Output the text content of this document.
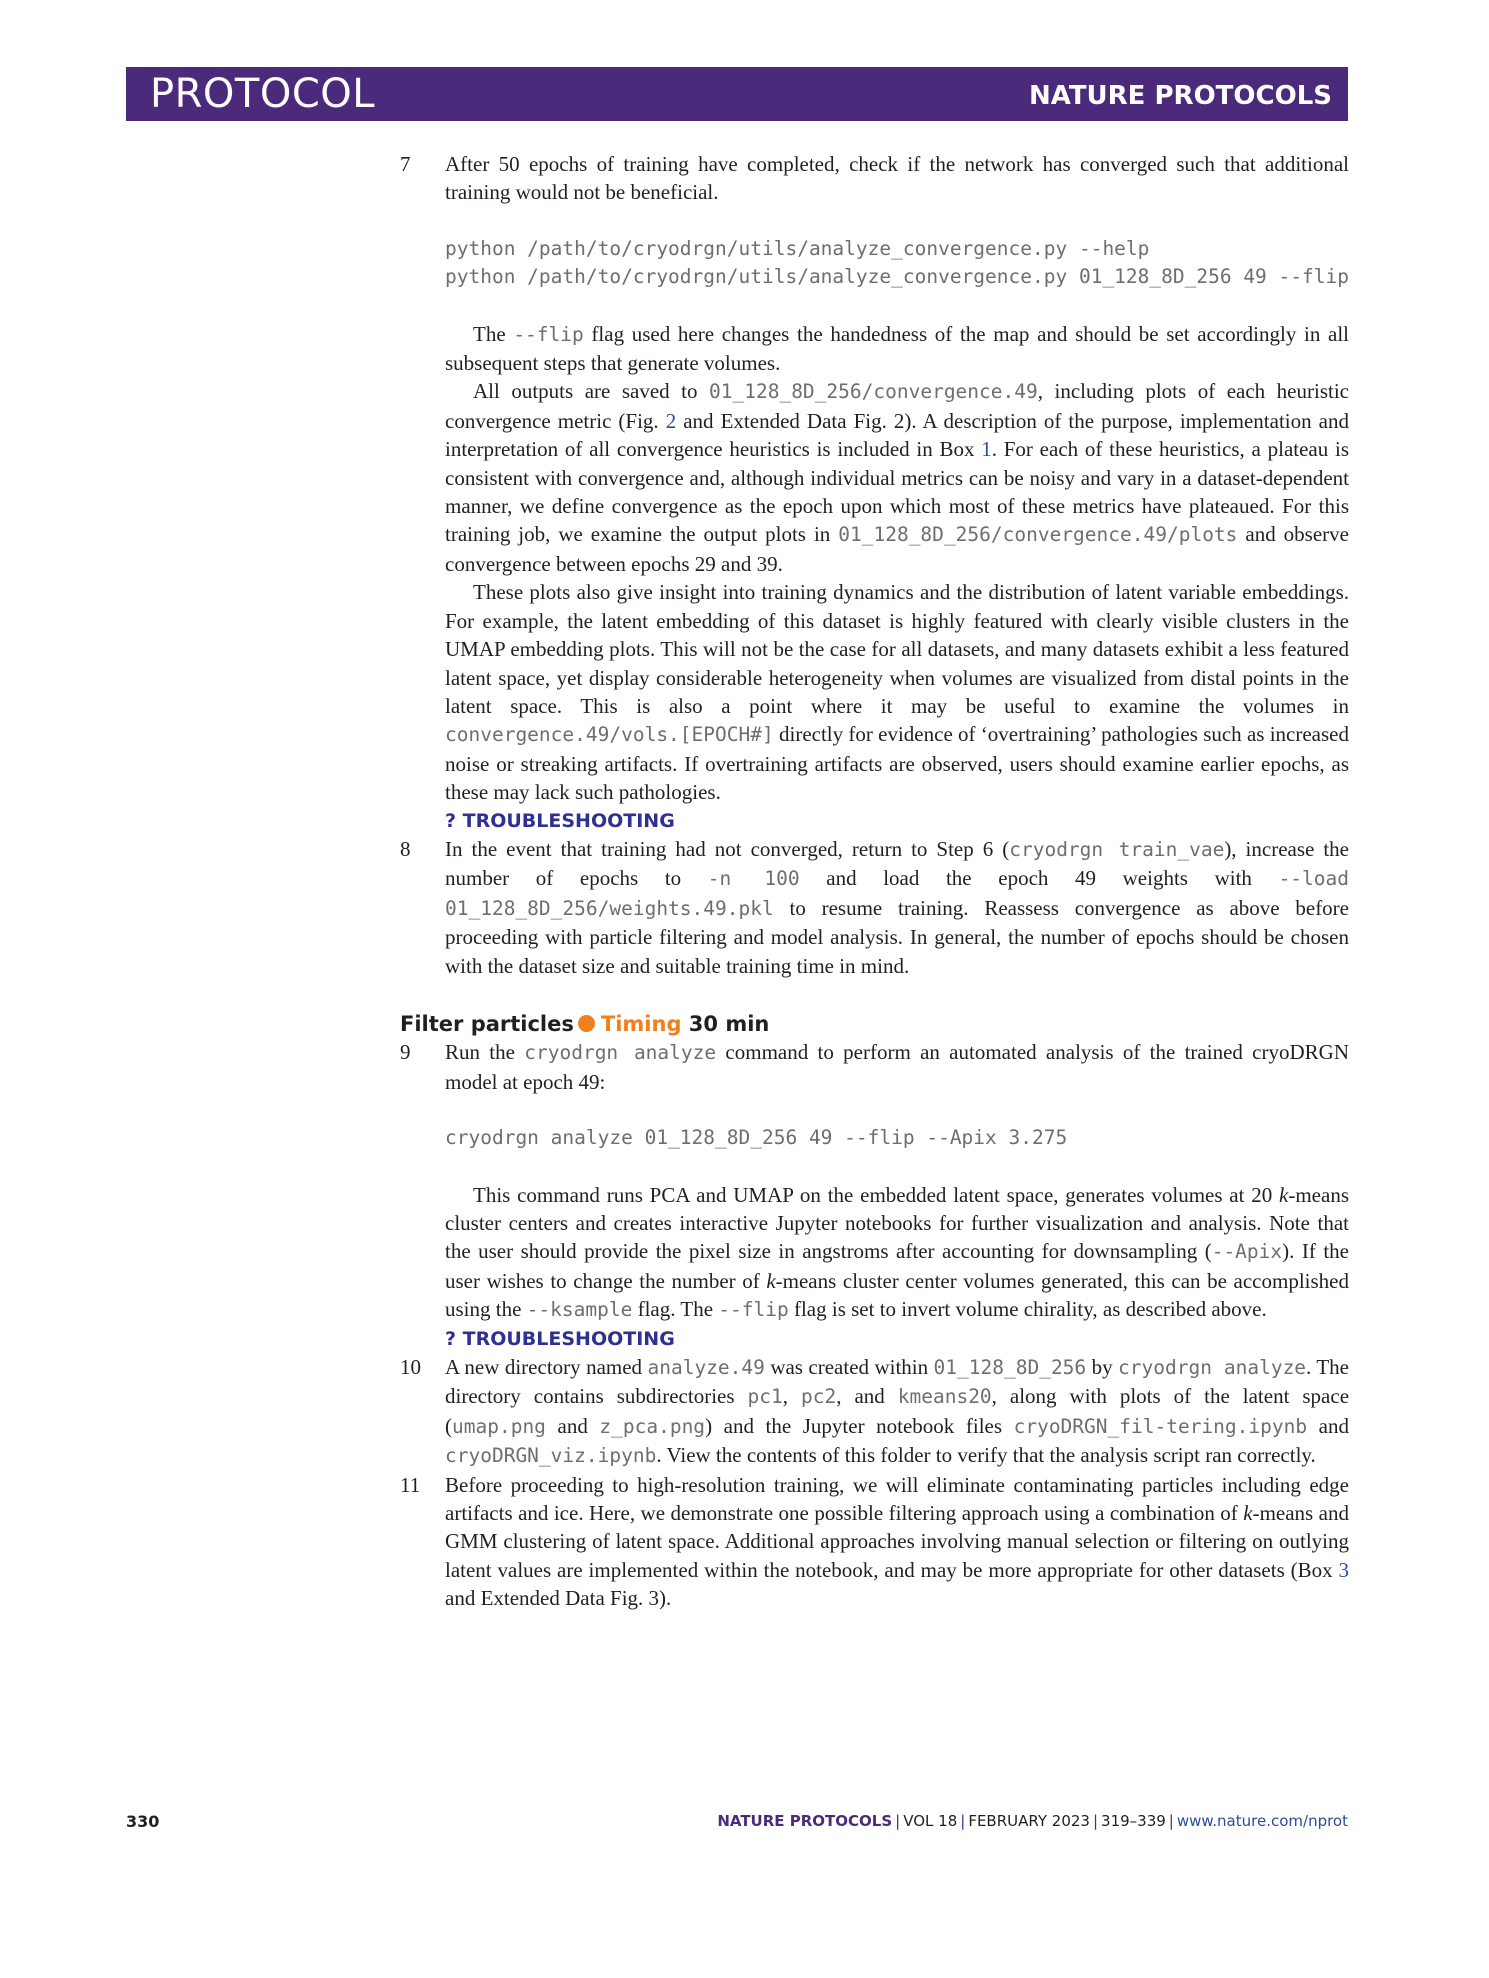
PROTOCOL	NATURE PROTOCOLS
7	After 50 epochs of training have completed, check if the network has converged such that additional training would not be beneficial.

python /path/to/cryodrgn/utils/analyze_convergence.py --help
python /path/to/cryodrgn/utils/analyze_convergence.py 01_128_8D_256 49 --flip

The --flip flag used here changes the handedness of the map and should be set accordingly in all subsequent steps that generate volumes.

All outputs are saved to 01_128_8D_256/convergence.49, including plots of each heuristic convergence metric (Fig. 2 and Extended Data Fig. 2). A description of the purpose, implementation and interpretation of all convergence heuristics is included in Box 1. For each of these heuristics, a plateau is consistent with convergence and, although individual metrics can be noisy and vary in a dataset-dependent manner, we define convergence as the epoch upon which most of these metrics have plateaued. For this training job, we examine the output plots in 01_128_8D_256/convergence.49/plots and observe convergence between epochs 29 and 39.

These plots also give insight into training dynamics and the distribution of latent variable embeddings. For example, the latent embedding of this dataset is highly featured with clearly visible clusters in the UMAP embedding plots. This will not be the case for all datasets, and many datasets exhibit a less featured latent space, yet display considerable heterogeneity when volumes are visualized from distal points in the latent space. This is also a point where it may be useful to examine the volumes in convergence.49/vols.[EPOCH#] directly for evidence of ‘overtraining’ pathologies such as increased noise or streaking artifacts. If overtraining artifacts are observed, users should examine earlier epochs, as these may lack such pathologies.

? TROUBLESHOOTING

8	In the event that training had not converged, return to Step 6 (cryodrgn train_vae), increase the number of epochs to -n 100 and load the epoch 49 weights with --load 01_128_8D_256/weights.49.pkl to resume training. Reassess convergence as above before proceeding with particle filtering and model analysis. In general, the number of epochs should be chosen with the dataset size and suitable training time in mind.

Filter particles Timing 30 min
9	Run the cryodrgn analyze command to perform an automated analysis of the trained cryoDRGN model at epoch 49:

cryodrgn analyze 01_128_8D_256 49 --flip --Apix 3.275

This command runs PCA and UMAP on the embedded latent space, generates volumes at 20 k-means cluster centers and creates interactive Jupyter notebooks for further visualization and analysis. Note that the user should provide the pixel size in angstroms after accounting for downsampling (--Apix). If the user wishes to change the number of k-means cluster center volumes generated, this can be accomplished using the --ksample flag. The --flip flag is set to invert volume chirality, as described above.

? TROUBLESHOOTING

10	A new directory named analyze.49 was created within 01_128_8D_256 by cryodrgn analyze. The directory contains subdirectories pc1, pc2, and kmeans20, along with plots of the latent space (umap.png and z_pca.png) and the Jupyter notebook files cryoDRGN_fil-tering.ipynb and cryoDRGN_viz.ipynb. View the contents of this folder to verify that the analysis script ran correctly.

11	Before proceeding to high-resolution training, we will eliminate contaminating particles including edge artifacts and ice. Here, we demonstrate one possible filtering approach using a combination of k-means and GMM clustering of latent space. Additional approaches involving manual selection or filtering on outlying latent values are implemented within the notebook, and may be more appropriate for other datasets (Box 3 and Extended Data Fig. 3).

330	NATURE PROTOCOLS | VOL 18 | FEBRUARY 2023 | 319–339 | www.nature.com/nprot
